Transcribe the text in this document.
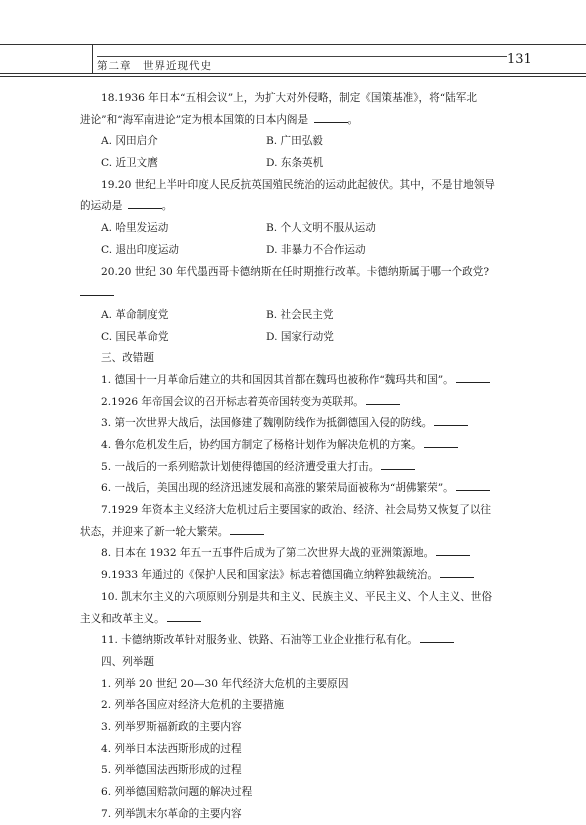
第二章　世界近现代史	131
18.1936 年日本“五相会议”上，为扩大对外侵略，制定《国策基准》，将“陆军北
进论”和“海军南进论”定为根本国策的日本内阁是	。
A. 冈田启介	B. 广田弘毅
C. 近卫文麿	D. 东条英机
19.20 世纪上半叶印度人民反抗英国殖民统治的运动此起彼伏。其中，不是甘地领导
的运动是	。
A. 哈里发运动	B. 个人文明不服从运动
C. 退出印度运动	D. 非暴力不合作运动
20.20 世纪 30 年代墨西哥卡德纳斯在任时期推行改革。卡德纳斯属于哪一个政党?
A. 革命制度党	B. 社会民主党
C. 国民革命党	D. 国家行动党
三、改错题
1. 德国十一月革命后建立的共和国因其首都在魏玛也被称作“魏玛共和国”。
2.1926 年帝国会议的召开标志着英帝国转变为英联邦。
3. 第一次世界大战后，法国修建了魏刚防线作为抵御德国入侵的防线。
4. 鲁尔危机发生后，协约国方制定了杨格计划作为解决危机的方案。
5. 一战后的一系列赔款计划使得德国的经济遭受重大打击。
6. 一战后，美国出现的经济迅速发展和高涨的繁荣局面被称为“胡佛繁荣”。
7.1929 年资本主义经济大危机过后主要国家的政治、经济、社会局势又恢复了以往
状态，并迎来了新一轮大繁荣。
8. 日本在 1932 年五一五事件后成为了第二次世界大战的亚洲策源地。
9.1933 年通过的《保护人民和国家法》标志着德国确立纳粹独裁统治。
10. 凯末尔主义的六项原则分别是共和主义、民族主义、平民主义、个人主义、世俗
主义和改革主义。
11. 卡德纳斯改革针对服务业、铁路、石油等工业企业推行私有化。
四、列举题
1. 列举 20 世纪 20—30 年代经济大危机的主要原因
2. 列举各国应对经济大危机的主要措施
3. 列举罗斯福新政的主要内容
4. 列举日本法西斯形成的过程
5. 列举德国法西斯形成的过程
6. 列举德国赔款问题的解决过程
7. 列举凯末尔革命的主要内容
